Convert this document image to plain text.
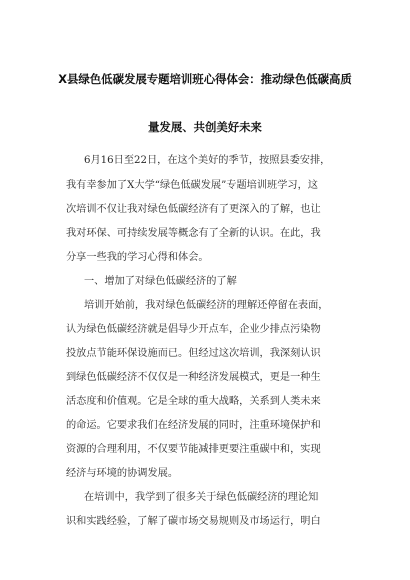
X县绿色低碳发展专题培训班心得体会：推动绿色低碳高质
量发展、共创美好未来
6月16日至22日，在这个美好的季节，按照县委安排，
我有幸参加了X大学“绿色低碳发展”专题培训班学习，这
次培训不仅让我对绿色低碳经济有了更深入的了解，也让
我对环保、可持续发展等概念有了全新的认识。在此，我
分享一些我的学习心得和体会。
一、增加了对绿色低碳经济的了解
培训开始前，我对绿色低碳经济的理解还停留在表面，
认为绿色低碳经济就是倡导少开点车，企业少排点污染物
投放点节能环保设施而已。但经过这次培训，我深刻认识
到绿色低碳经济不仅仅是一种经济发展模式，更是一种生
活态度和价值观。它是全球的重大战略，关系到人类未来
的命运。它要求我们在经济发展的同时，注重环境保护和
资源的合理利用，不仅要节能减排更要注重碳中和，实现
经济与环境的协调发展。
在培训中，我学到了很多关于绿色低碳经济的理论知
识和实践经验，了解了碳市场交易规则及市场运行，明白
